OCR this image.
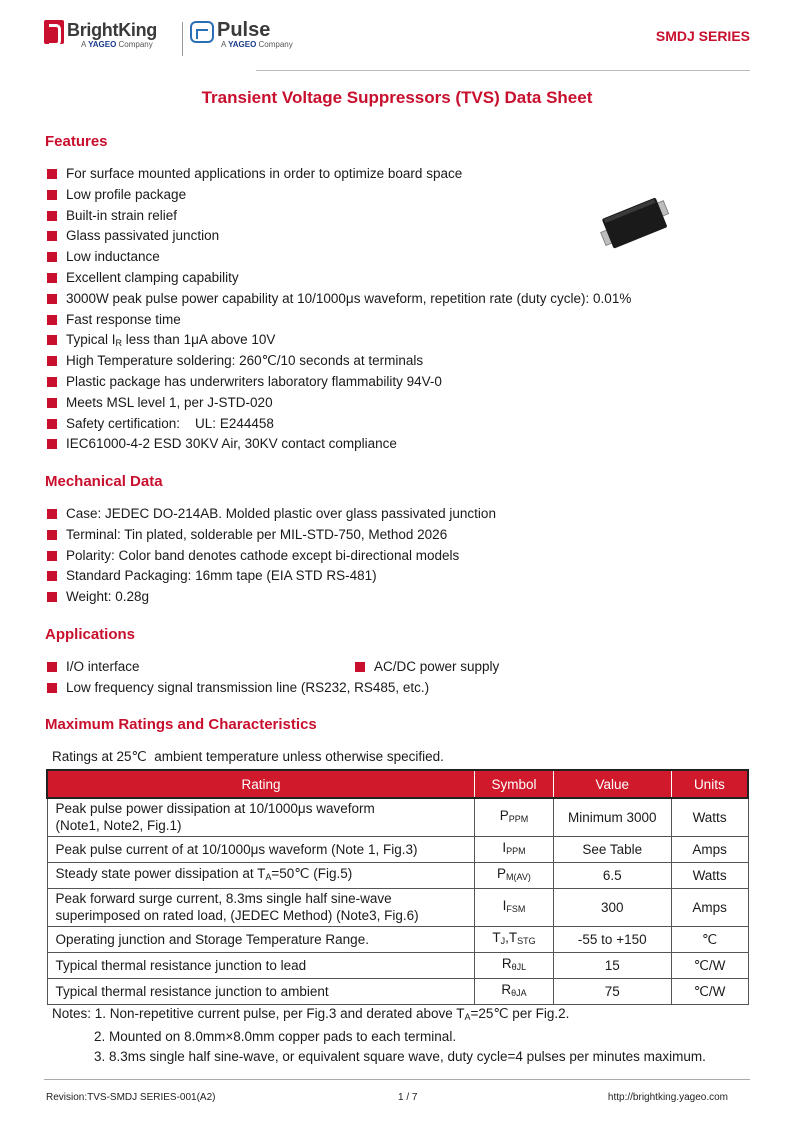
BrightKing
A YAGEO Company
Pulse
A YAGEO Company
SMDJ SERIES
Transient Voltage Suppressors (TVS) Data Sheet
Features
For surface mounted applications in order to optimize board space
Low profile package
Built-in strain relief
Glass passivated junction
Low inductance
Excellent clamping capability
3000W peak pulse power capability at 10/1000μs waveform, repetition rate (duty cycle): 0.01%
Fast response time
Typical $I_R$ less than 1μA above 10V
High Temperature soldering: 260℃/10 seconds at terminals
Plastic package has underwriters laboratory flammability 94V-0
Meets MSL level 1, per J-STD-020
Safety certification:    UL: E244458
IEC61000-4-2 ESD 30KV Air, 30KV contact compliance
Mechanical Data
Case: JEDEC DO-214AB. Molded plastic over glass passivated junction
Terminal: Tin plated, solderable per MIL-STD-750, Method 2026
Polarity: Color band denotes cathode except bi-directional models
Standard Packaging: 16mm tape (EIA STD RS-481)
Weight: 0.28g
Applications
I/O interface	AC/DC power supply
Low frequency signal transmission line (RS232, RS485, etc.)
Maximum Ratings and Characteristics
Ratings at 25℃  ambient temperature unless otherwise specified.
Rating	Symbol	Value	Units

Peak pulse power dissipation at 10/1000μs waveform
(Note1, Note2, Fig.1)	$P_{PPM}$	Minimum 3000	Watts
Peak pulse current of at 10/1000μs waveform (Note 1, Fig.3)	$I_{PPM}$	See Table	Amps
Steady state power dissipation at $T_A=50℃$ (Fig.5)	$P_{M(AV)}$	6.5	Watts

Peak forward surge current, 8.3ms single half sine-wave
superimposed on rated load, (JEDEC Method) (Note3, Fig.6)	$I_{FSM}$	300	Amps
Operating junction and Storage Temperature Range.	$T_J,T_{STG}$	-55 to +150	℃
Typical thermal resistance junction to lead	$R_{\theta JL}$	15	℃/W
Typical thermal resistance junction to ambient	$R_{\theta JA}$	75	℃/W
Notes: 1. Non-repetitive current pulse, per Fig.3 and derated above $T_A=25℃$ per Fig.2.
2. Mounted on 8.0mm×8.0mm copper pads to each terminal.
3. 8.3ms single half sine-wave, or equivalent square wave, duty cycle=4 pulses per minutes maximum.
Revision:TVS-SMDJ SERIES-001(A2)	1 / 7	http://brightking.yageo.com
